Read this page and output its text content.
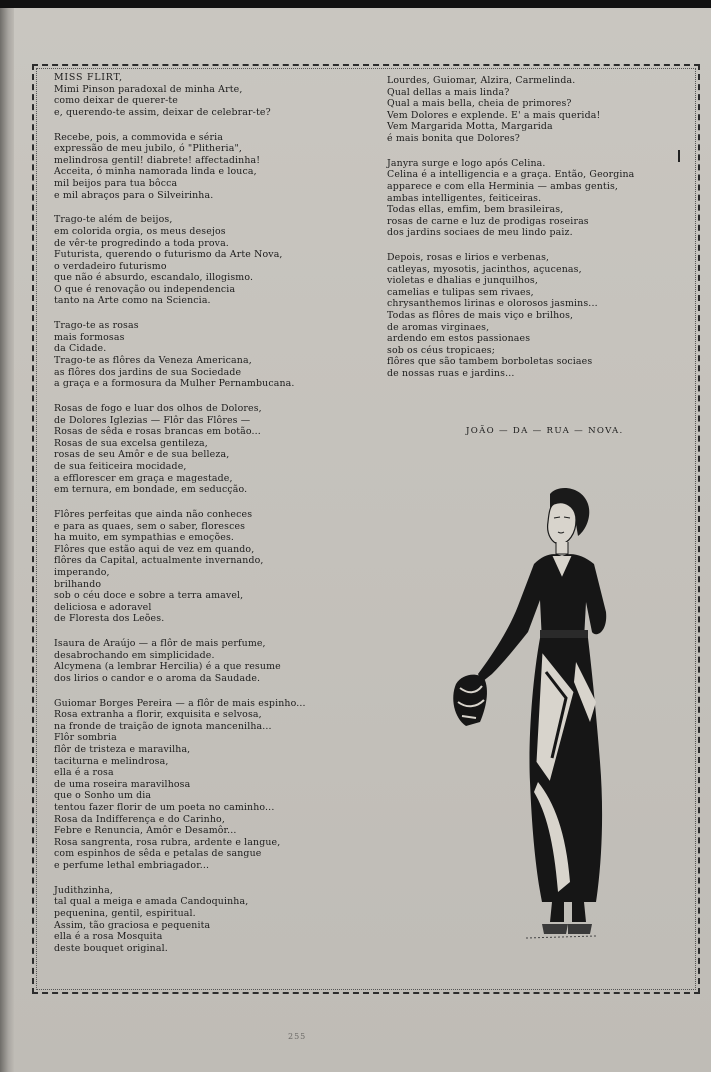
MISS FLIRT,
Mimi Pinson paradoxal de minha Arte,
como deixar de querer-te
e, querendo-te assim, deixar de celebrar-te?
Recebe, pois, a commovida e séria
expressão de meu jubilo, ó "Plitheria",
melindrosa gentil! diabrete! affectadinha!
Acceita, ó minha namorada linda e louca,
mil beijos para tua bôcca
e mil abraços para o Silveirinha.
Trago-te além de beijos,
em colorida orgia, os meus desejos
de vêr-te progredindo a toda prova.
Futurista, querendo o futurismo da Arte Nova,
o verdadeiro futurismo
que não é absurdo, escandalo, illogismo.
O que é renovação ou independencia
tanto na Arte como na Sciencia.
Trago-te as rosas
mais formosas
da Cidade.
Trago-te as flôres da Veneza Americana,
as flôres dos jardins de sua Sociedade
a graça e a formosura da Mulher Pernambucana.
Rosas de fogo e luar dos olhos de Dolores,
de Dolores Iglezias — Flôr das Flôres —
Rosas de sêda e rosas brancas em botão...
Rosas de sua excelsa gentileza,
rosas de seu Amôr e de sua belleza,
de sua feiticeira mocidade,
a efflorescer em graça e magestade,
em ternura, em bondade, em seducção.
Flôres perfeitas que ainda não conheces
e para as quaes, sem o saber, floresces
ha muito, em sympathias e emoções.
Flôres que estão aqui de vez em quando,
flôres da Capital, actualmente invernando,
imperando,
brilhando
sob o céu doce e sobre a terra amavel,
deliciosa e adoravel
de Floresta dos Leões.
Isaura de Araújo — a flôr de mais perfume,
desabrochando em simplicidade.
Alcymena (a lembrar Hercilia) é a que resume
dos lirios o candor e o aroma da Saudade.
Guiomar Borges Pereira — a flôr de mais espinho...
Rosa extranha a florir, exquisita e selvosa,
na fronde de traição de ignota mancenilha...
Flôr sombria
flôr de tristeza e maravilha,
taciturna e melindrosa,
ella é a rosa
de uma roseira maravilhosa
que o Sonho um dia
tentou fazer florir de um poeta no caminho...
Rosa da Indifferença e do Carinho,
Febre e Renuncia, Amôr e Desamôr...
Rosa sangrenta, rosa rubra, ardente e langue,
com espinhos de sêda e petalas de sangue
e perfume lethal embriagador...
Judithzinha,
tal qual a meiga e amada Candoquinha,
pequenina, gentil, espiritual.
Assim, tão graciosa e pequenita
ella é a rosa Mosquita
deste bouquet original.
Lourdes, Guiomar, Alzira, Carmelinda.
Qual dellas a mais linda?
Qual a mais bella, cheia de primores?
Vem Dolores e explende. E' a mais querida!
Vem Margarida Motta, Margarida
é mais bonita que Dolores?
Janyra surge e logo após Celina.
Celina é a intelligencia e a graça. Então, Georgina
apparece e com ella Herminia — ambas gentis,
ambas intelligentes, feiticeiras.
Todas ellas, emfim, bem brasileiras,
rosas de carne e luz de prodigas roseiras
dos jardins sociaes de meu lindo paiz.
Depois, rosas e lirios e verbenas,
catleyas, myosotis, jacinthos, açucenas,
violetas e dhalias e junquilhos,
camelias e tulipas sem rivaes,
chrysanthemos lirinas e olorosos jasmins...
Todas as flôres de mais viço e brilhos,
de aromas virginaes,
ardendo em estos passionaes
sob os céus tropicaes;
flôres que são tambem borboletas sociaes
de nossas ruas e jardins...
JOÃO — DA — RUA — NOVA.
255
